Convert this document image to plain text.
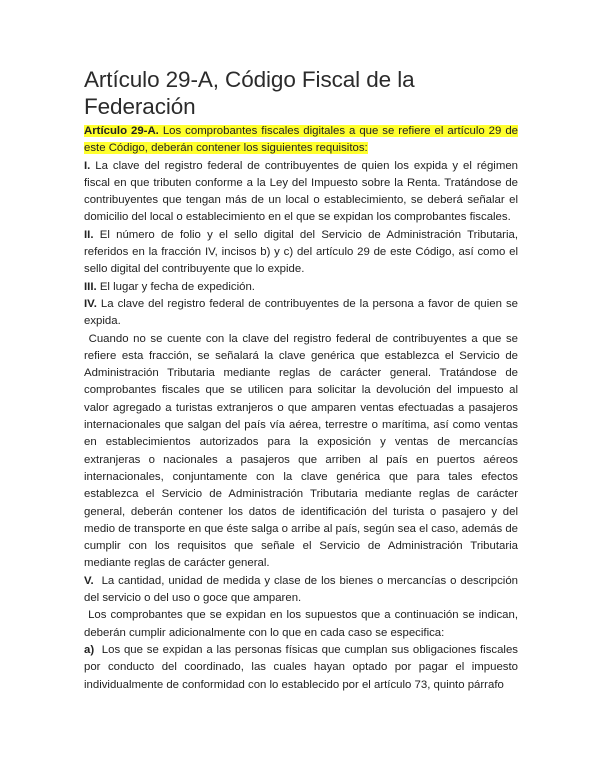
Artículo 29-A, Código Fiscal de la Federación

Artículo 29-A. Los comprobantes fiscales digitales a que se refiere el artículo 29 de este Código, deberán contener los siguientes requisitos:

I. La clave del registro federal de contribuyentes de quien los expida y el régimen fiscal en que tributen conforme a la Ley del Impuesto sobre la Renta. Tratándose de contribuyentes que tengan más de un local o establecimiento, se deberá señalar el domicilio del local o establecimiento en el que se expidan los comprobantes fiscales.

II. El número de folio y el sello digital del Servicio de Administración Tributaria, referidos en la fracción IV, incisos b) y c) del artículo 29 de este Código, así como el sello digital del contribuyente que lo expide.

III. El lugar y fecha de expedición.

IV. La clave del registro federal de contribuyentes de la persona a favor de quien se expida.

Cuando no se cuente con la clave del registro federal de contribuyentes a que se refiere esta fracción, se señalará la clave genérica que establezca el Servicio de Administración Tributaria mediante reglas de carácter general. Tratándose de comprobantes fiscales que se utilicen para solicitar la devolución del impuesto al valor agregado a turistas extranjeros o que amparen ventas efectuadas a pasajeros internacionales que salgan del país vía aérea, terrestre o marítima, así como ventas en establecimientos autorizados para la exposición y ventas de mercancías extranjeras o nacionales a pasajeros que arriben al país en puertos aéreos internacionales, conjuntamente con la clave genérica que para tales efectos establezca el Servicio de Administración Tributaria mediante reglas de carácter general, deberán contener los datos de identificación del turista o pasajero y del medio de transporte en que éste salga o arribe al país, según sea el caso, además de cumplir con los requisitos que señale el Servicio de Administración Tributaria mediante reglas de carácter general.

V.  La cantidad, unidad de medida y clase de los bienes o mercancías o descripción del servicio o del uso o goce que amparen.

Los comprobantes que se expidan en los supuestos que a continuación se indican, deberán cumplir adicionalmente con lo que en cada caso se especifica:

a)  Los que se expidan a las personas físicas que cumplan sus obligaciones fiscales por conducto del coordinado, las cuales hayan optado por pagar el impuesto individualmente de conformidad con lo establecido por el artículo 73, quinto párrafo
